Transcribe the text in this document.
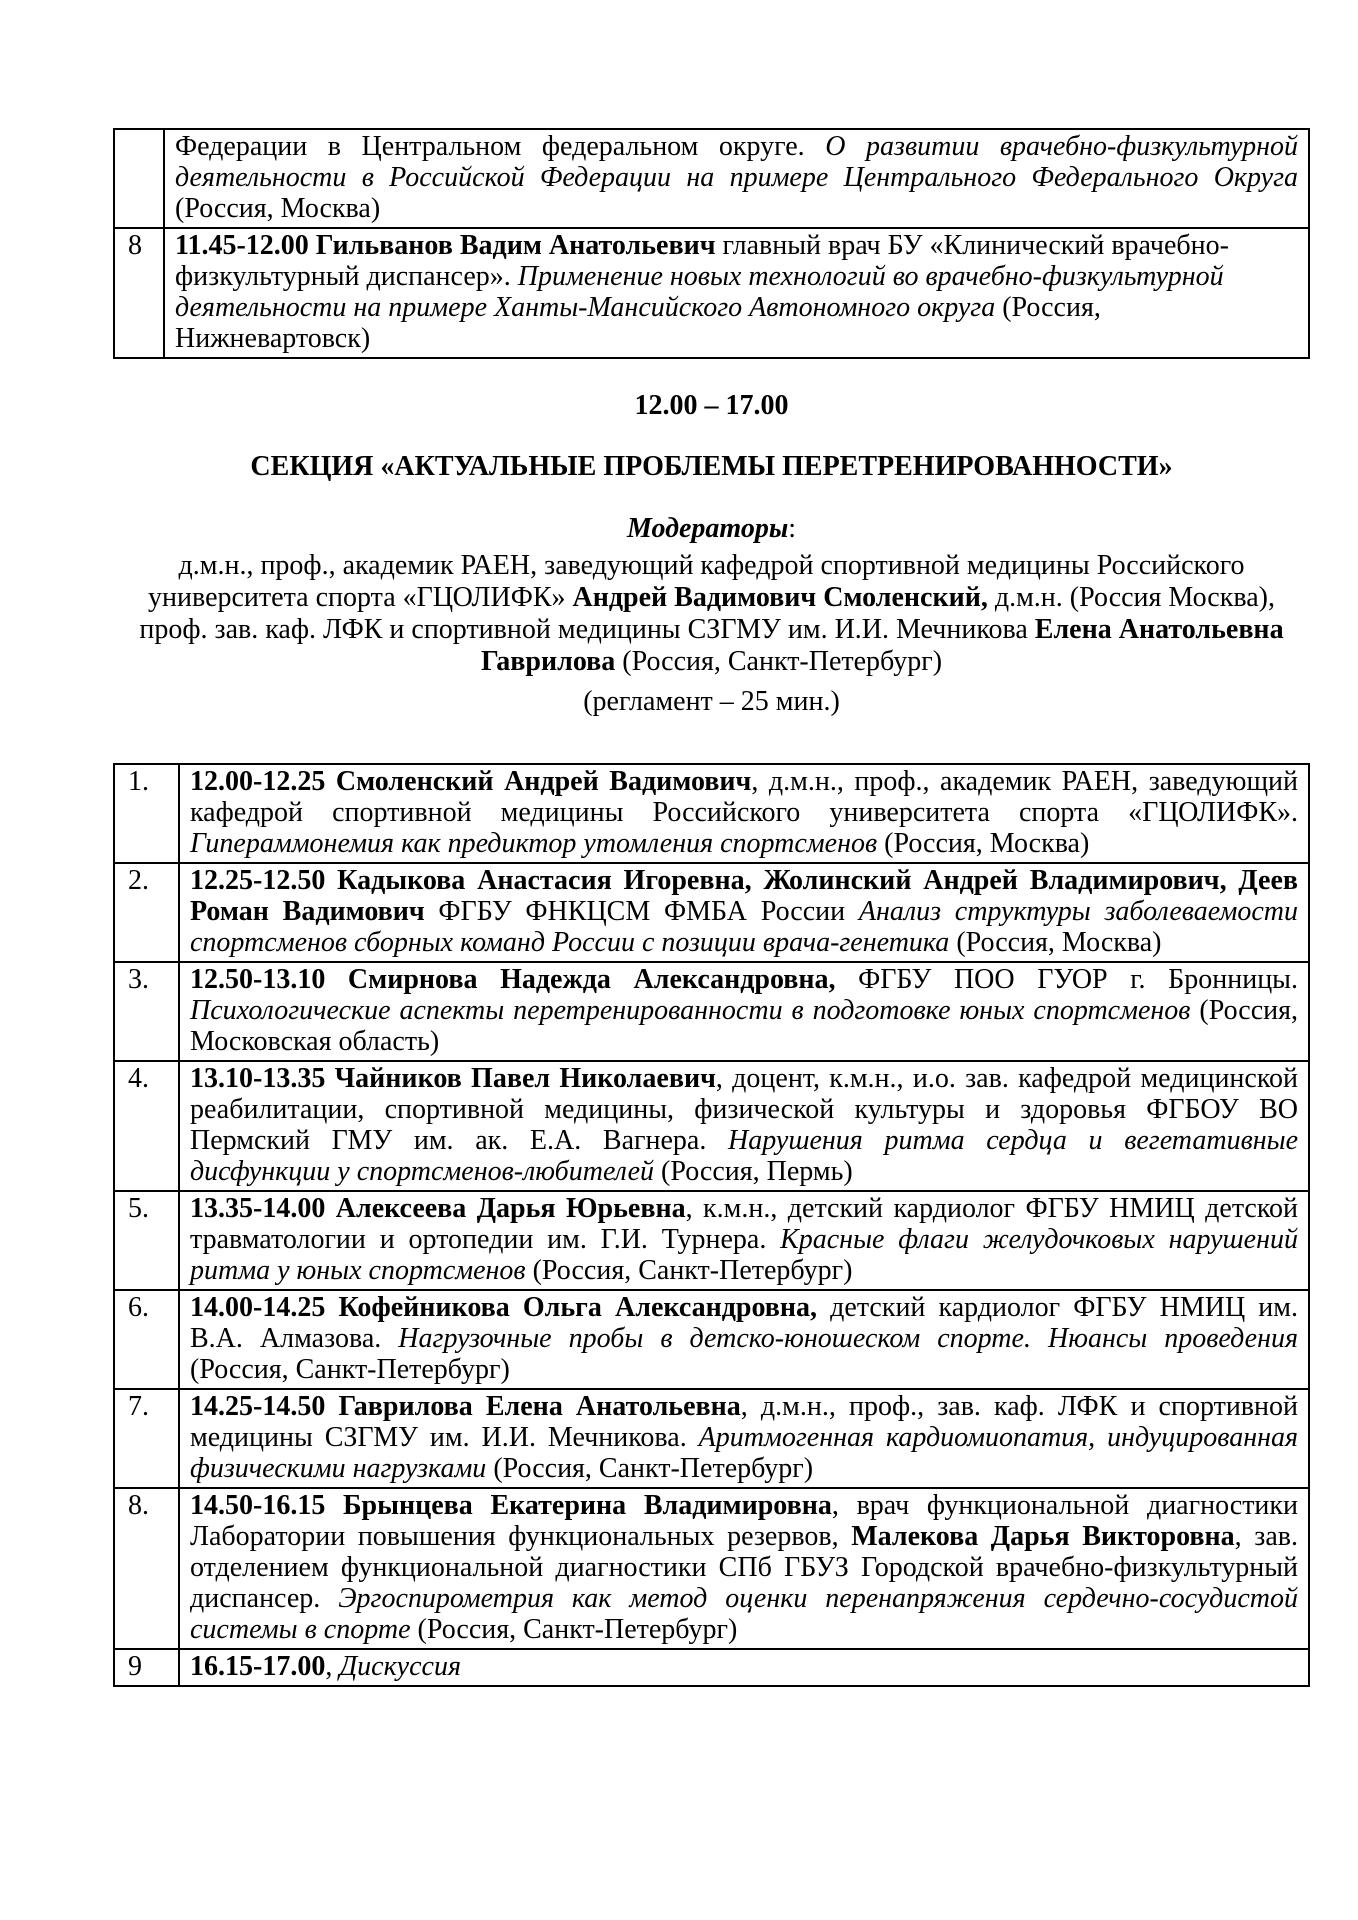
	Федерации в Центральном федеральном округе. О развитии врачебно-физкультурной деятельности в Российской Федерации на примере Центрального Федерального Округа (Россия, Москва)
8	11.45-12.00 Гильванов Вадим Анатольевич главный врач БУ «Клинический врачебно-
физкультурный диспансер». Применение новых технологий во врачебно-физкультурной
деятельности на примере Ханты-Мансийского Автономного округа (Россия, Нижневартовск)

12.00 – 17.00

СЕКЦИЯ «АКТУАЛЬНЫЕ ПРОБЛЕМЫ ПЕРЕТРЕНИРОВАННОСТИ»

Модераторы:

д.м.н., проф., академик РАЕН, заведующий кафедрой спортивной медицины Российского
университета спорта «ГЦОЛИФК» Андрей Вадимович Смоленский, д.м.н. (Россия Москва),
проф. зав. каф. ЛФК и спортивной медицины СЗГМУ им. И.И. Мечникова Елена Анатольевна
Гаврилова (Россия, Санкт-Петербург)

(регламент – 25 мин.)

1.	12.00-12.25 Смоленский Андрей Вадимович, д.м.н., проф., академик РАЕН, заведующий кафедрой спортивной медицины Российского университета спорта «ГЦОЛИФК». Гипераммонемия как предиктор утомления спортсменов (Россия, Москва)
2.	12.25-12.50 Кадыкова Анастасия Игоревна, Жолинский Андрей Владимирович, Деев Роман Вадимович ФГБУ ФНКЦСМ ФМБА России Анализ структуры заболеваемости спортсменов сборных команд России с позиции врача-генетика (Россия, Москва)
3.	12.50-13.10 Смирнова Надежда Александровна, ФГБУ ПОО ГУОР г. Бронницы. Психологические аспекты перетренированности в подготовке юных спортсменов (Россия, Московская область)
4.	13.10-13.35 Чайников Павел Николаевич, доцент, к.м.н., и.о. зав. кафедрой медицинской реабилитации, спортивной медицины, физической культуры и здоровья ФГБОУ ВО Пермский ГМУ им. ак. Е.А. Вагнера. Нарушения ритма сердца и вегетативные дисфункции у спортсменов-любителей (Россия, Пермь)
5.	13.35-14.00 Алексеева Дарья Юрьевна, к.м.н., детский кардиолог ФГБУ НМИЦ детской травматологии и ортопедии им. Г.И. Турнера. Красные флаги желудочковых нарушений ритма у юных спортсменов (Россия, Санкт-Петербург)
6.	14.00-14.25 Кофейникова Ольга Александровна, детский кардиолог ФГБУ НМИЦ им. В.А. Алмазова. Нагрузочные пробы в детско-юношеском спорте. Нюансы проведения (Россия, Санкт-Петербург)
7.	14.25-14.50 Гаврилова Елена Анатольевна, д.м.н., проф., зав. каф. ЛФК и спортивной медицины СЗГМУ им. И.И. Мечникова. Аритмогенная кардиомиопатия, индуцированная физическими нагрузками (Россия, Санкт-Петербург)
8.	14.50-16.15 Брынцева Екатерина Владимировна, врач функциональной диагностики Лаборатории повышения функциональных резервов, Малекова Дарья Викторовна, зав. отделением функциональной диагностики СПб ГБУЗ Городской врачебно-физкультурный диспансер. Эргоспирометрия как метод оценки перенапряжения сердечно-сосудистой системы в спорте (Россия, Санкт-Петербург)
9	16.15-17.00, Дискуссия
